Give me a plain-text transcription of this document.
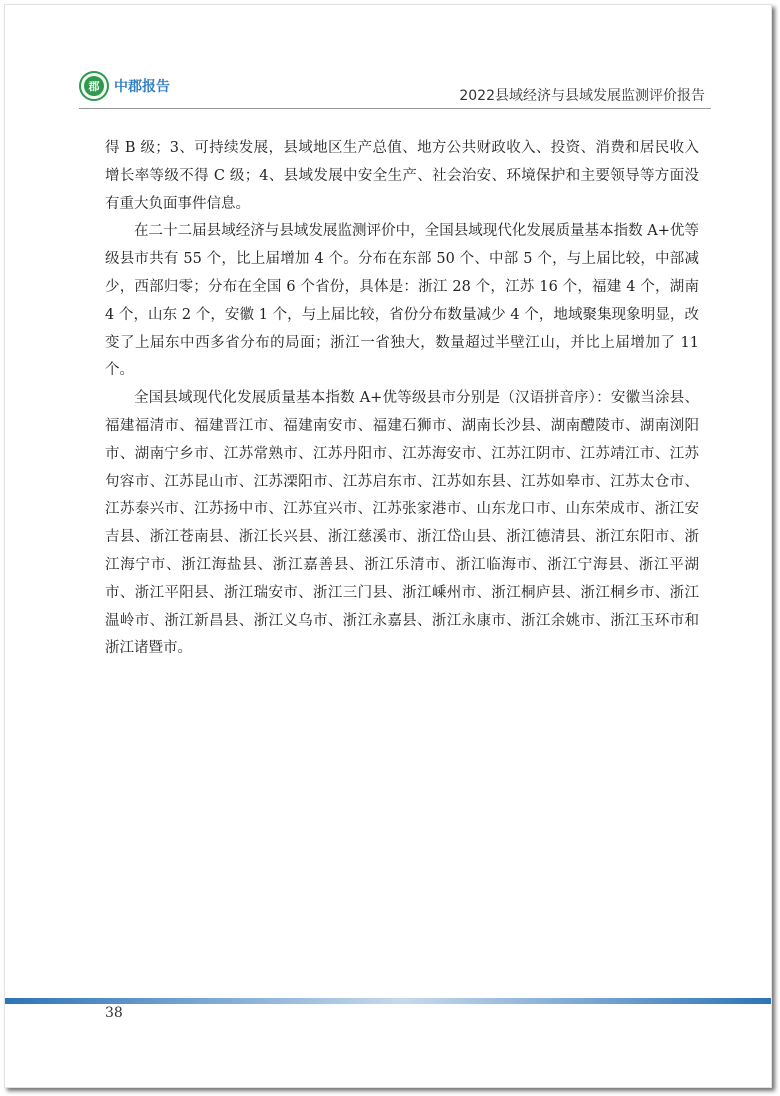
郡	中郡报告
2022县域经济与县域发展监测评价报告

得 B 级；3、可持续发展，县域地区生产总值、地方公共财政收入、投资、消费和居民收入增长率等级不得 C 级；4、县域发展中安全生产、社会治安、环境保护和主要领导等方面没有重大负面事件信息。

在二十二届县域经济与县域发展监测评价中，全国县域现代化发展质量基本指数 A+优等级县市共有 55 个，比上届增加 4 个。分布在东部 50 个、中部 5 个，与上届比较，中部减少，西部归零；分布在全国 6 个省份，具体是：浙江 28 个，江苏 16 个，福建 4 个，湖南 4 个，山东 2 个，安徽 1 个，与上届比较，省份分布数量减少 4 个，地域聚集现象明显，改变了上届东中西多省分布的局面；浙江一省独大，数量超过半壁江山，并比上届增加了 11 个。

全国县域现代化发展质量基本指数 A+优等级县市分别是（汉语拼音序）：安徽当涂县、福建福清市、福建晋江市、福建南安市、福建石狮市、湖南长沙县、湖南醴陵市、湖南浏阳市、湖南宁乡市、江苏常熟市、江苏丹阳市、江苏海安市、江苏江阴市、江苏靖江市、江苏句容市、江苏昆山市、江苏溧阳市、江苏启东市、江苏如东县、江苏如皋市、江苏太仓市、江苏泰兴市、江苏扬中市、江苏宜兴市、江苏张家港市、山东龙口市、山东荣成市、浙江安吉县、浙江苍南县、浙江长兴县、浙江慈溪市、浙江岱山县、浙江德清县、浙江东阳市、浙江海宁市、浙江海盐县、浙江嘉善县、浙江乐清市、浙江临海市、浙江宁海县、浙江平湖市、浙江平阳县、浙江瑞安市、浙江三门县、浙江嵊州市、浙江桐庐县、浙江桐乡市、浙江温岭市、浙江新昌县、浙江义乌市、浙江永嘉县、浙江永康市、浙江余姚市、浙江玉环市和浙江诸暨市。

38
